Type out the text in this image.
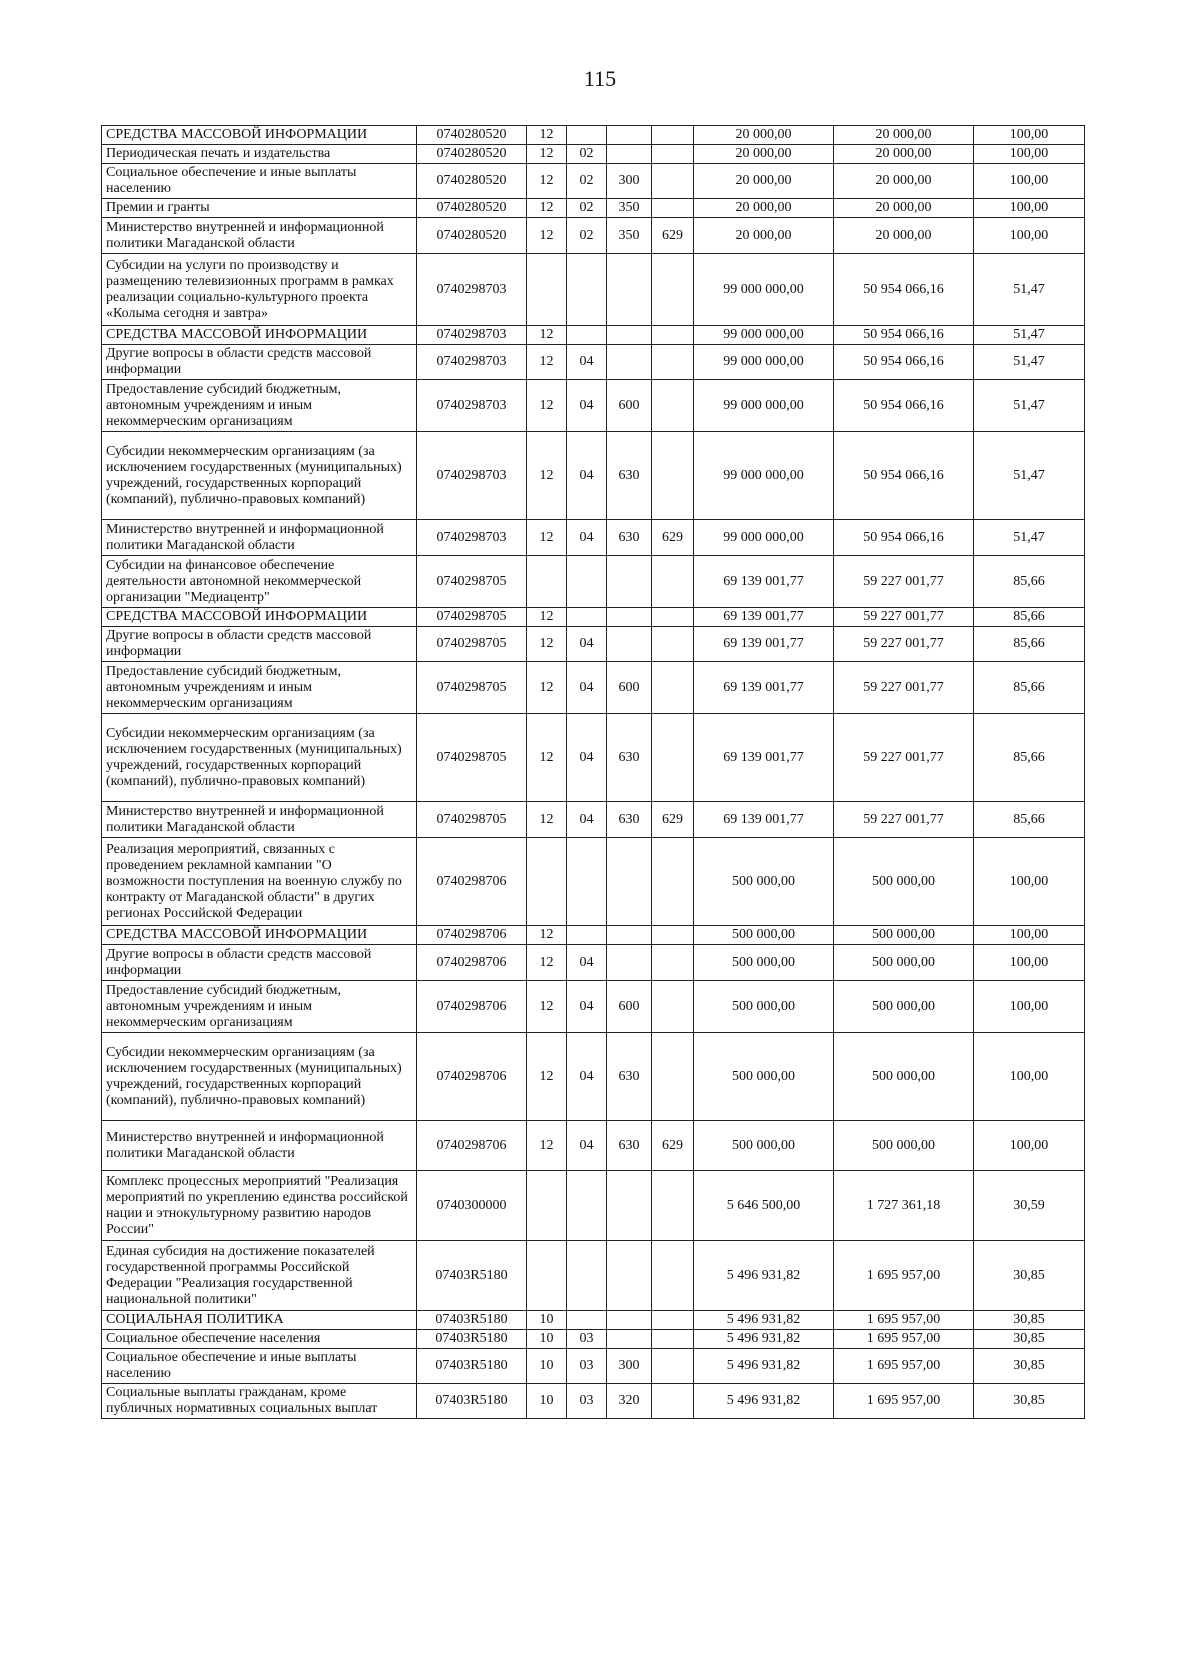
115
СРЕДСТВА МАССОВОЙ ИНФОРМАЦИИ	0740280520	12				20 000,00	20 000,00	100,00
Периодическая печать и издательства	0740280520	12	02			20 000,00	20 000,00	100,00
Социальное обеспечение и иные выплаты населению	0740280520	12	02	300		20 000,00	20 000,00	100,00
Премии и гранты	0740280520	12	02	350		20 000,00	20 000,00	100,00
Министерство внутренней и информационной политики Магаданской области	0740280520	12	02	350	629	20 000,00	20 000,00	100,00
Субсидии на услуги по производству и размещению телевизионных программ в рамках реализации социально-культурного проекта «Колыма сегодня и завтра»	0740298703					99 000 000,00	50 954 066,16	51,47
СРЕДСТВА МАССОВОЙ ИНФОРМАЦИИ	0740298703	12				99 000 000,00	50 954 066,16	51,47
Другие вопросы в области средств массовой информации	0740298703	12	04			99 000 000,00	50 954 066,16	51,47
Предоставление субсидий бюджетным, автономным учреждениям и иным некоммерческим организациям	0740298703	12	04	600		99 000 000,00	50 954 066,16	51,47
Субсидии некоммерческим организациям (за исключением государственных (муниципальных) учреждений, государственных корпораций (компаний), публично-правовых компаний)	0740298703	12	04	630		99 000 000,00	50 954 066,16	51,47
Министерство внутренней и информационной политики Магаданской области	0740298703	12	04	630	629	99 000 000,00	50 954 066,16	51,47
Субсидии на финансовое обеспечение деятельности автономной некоммерческой организации "Медиацентр"	0740298705					69 139 001,77	59 227 001,77	85,66
СРЕДСТВА МАССОВОЙ ИНФОРМАЦИИ	0740298705	12				69 139 001,77	59 227 001,77	85,66
Другие вопросы в области средств массовой информации	0740298705	12	04			69 139 001,77	59 227 001,77	85,66
Предоставление субсидий бюджетным, автономным учреждениям и иным некоммерческим организациям	0740298705	12	04	600		69 139 001,77	59 227 001,77	85,66
Субсидии некоммерческим организациям (за исключением государственных (муниципальных) учреждений, государственных корпораций (компаний), публично-правовых компаний)	0740298705	12	04	630		69 139 001,77	59 227 001,77	85,66
Министерство внутренней и информационной политики Магаданской области	0740298705	12	04	630	629	69 139 001,77	59 227 001,77	85,66
Реализация мероприятий, связанных с проведением рекламной кампании "О возможности поступления на военную службу по контракту от Магаданской области" в других регионах Российской Федерации	0740298706					500 000,00	500 000,00	100,00
СРЕДСТВА МАССОВОЙ ИНФОРМАЦИИ	0740298706	12				500 000,00	500 000,00	100,00
Другие вопросы в области средств массовой информации	0740298706	12	04			500 000,00	500 000,00	100,00
Предоставление субсидий бюджетным, автономным учреждениям и иным некоммерческим организациям	0740298706	12	04	600		500 000,00	500 000,00	100,00
Субсидии некоммерческим организациям (за исключением государственных (муниципальных) учреждений, государственных корпораций (компаний), публично-правовых компаний)	0740298706	12	04	630		500 000,00	500 000,00	100,00
Министерство внутренней и информационной политики Магаданской области	0740298706	12	04	630	629	500 000,00	500 000,00	100,00
Комплекс процессных мероприятий "Реализация мероприятий по укреплению единства российской нации и этнокультурному развитию народов России"	0740300000					5 646 500,00	1 727 361,18	30,59
Единая субсидия на достижение показателей государственной программы Российской Федерации "Реализация государственной национальной политики"	07403R5180					5 496 931,82	1 695 957,00	30,85
СОЦИАЛЬНАЯ ПОЛИТИКА	07403R5180	10				5 496 931,82	1 695 957,00	30,85
Социальное обеспечение населения	07403R5180	10	03			5 496 931,82	1 695 957,00	30,85
Социальное обеспечение и иные выплаты населению	07403R5180	10	03	300		5 496 931,82	1 695 957,00	30,85
Социальные выплаты гражданам, кроме публичных нормативных социальных выплат	07403R5180	10	03	320		5 496 931,82	1 695 957,00	30,85
